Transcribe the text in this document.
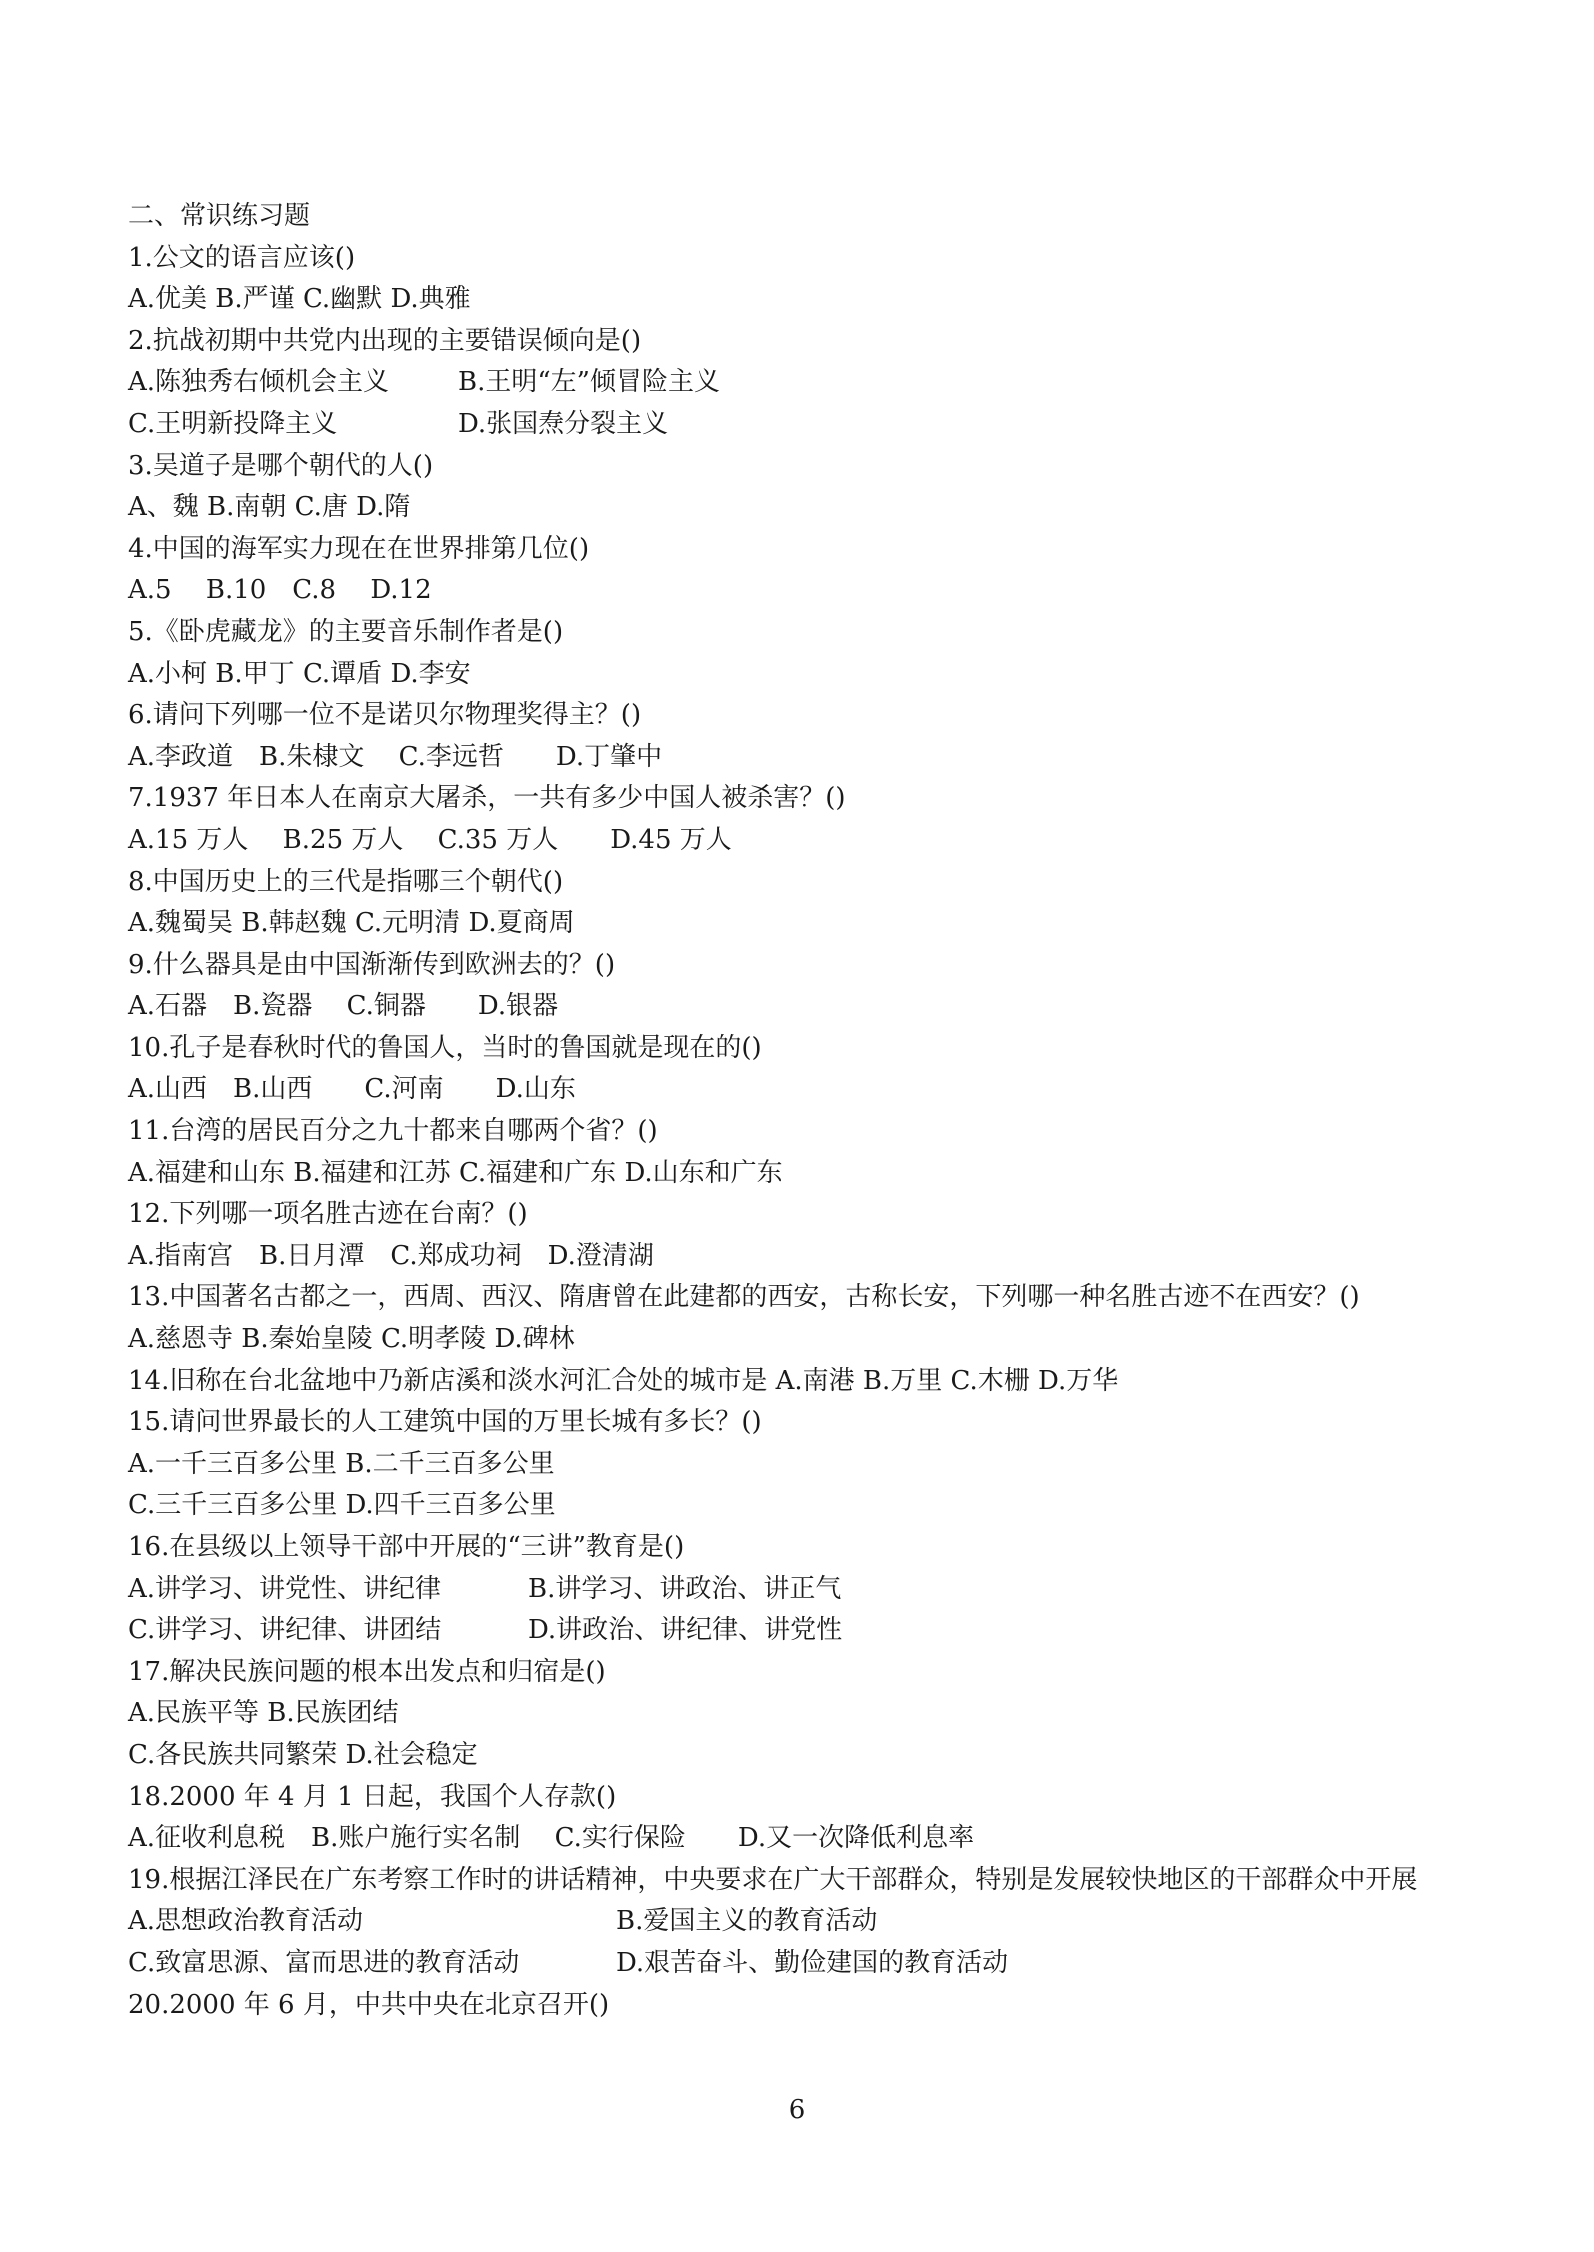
二、常识练习题
1.公文的语言应该()
A.优美 B.严谨 C.幽默 D.典雅
2.抗战初期中共党内出现的主要错误倾向是()
A.陈独秀右倾机会主义	B.王明“左”倾冒险主义
C.王明新投降主义	D.张国焘分裂主义
3.吴道子是哪个朝代的人()
A、魏 B.南朝 C.唐 D.隋
4.中国的海军实力现在在世界排第几位()
A.5　 B.10　C.8　 D.12
5.《卧虎藏龙》的主要音乐制作者是()
A.小柯 B.甲丁 C.谭盾 D.李安
6.请问下列哪一位不是诺贝尔物理奖得主？()
A.李政道　B.朱棣文　 C.李远哲　　D.丁肇中
7.1937 年日本人在南京大屠杀，一共有多少中国人被杀害？()
A.15 万人　 B.25 万人　 C.35 万人　　D.45 万人
8.中国历史上的三代是指哪三个朝代()
A.魏蜀吴 B.韩赵魏 C.元明清 D.夏商周
9.什么器具是由中国渐渐传到欧洲去的？()
A.石器　B.瓷器　 C.铜器　　D.银器
10.孔子是春秋时代的鲁国人，当时的鲁国就是现在的()
A.山西　B.山西　　C.河南　　D.山东
11.台湾的居民百分之九十都来自哪两个省？()
A.福建和山东 B.福建和江苏 C.福建和广东 D.山东和广东
12.下列哪一项名胜古迹在台南？()
A.指南宫　B.日月潭　C.郑成功祠　D.澄清湖
13.中国著名古都之一，西周、西汉、隋唐曾在此建都的西安，古称长安，下列哪一种名胜古迹不在西安？()
A.慈恩寺 B.秦始皇陵 C.明孝陵 D.碑林
14.旧称在台北盆地中乃新店溪和淡水河汇合处的城市是 A.南港 B.万里 C.木栅 D.万华
15.请问世界最长的人工建筑中国的万里长城有多长？()
A.一千三百多公里 B.二千三百多公里
C.三千三百多公里 D.四千三百多公里
16.在县级以上领导干部中开展的“三讲”教育是()
A.讲学习、讲党性、讲纪律	B.讲学习、讲政治、讲正气
C.讲学习、讲纪律、讲团结	D.讲政治、讲纪律、讲党性
17.解决民族问题的根本出发点和归宿是()
A.民族平等 B.民族团结
C.各民族共同繁荣 D.社会稳定
18.2000 年 4 月 1 日起，我国个人存款()
A.征收利息税　B.账户施行实名制　 C.实行保险　　D.又一次降低利息率
19.根据江泽民在广东考察工作时的讲话精神，中央要求在广大干部群众，特别是发展较快地区的干部群众中开展
A.思想政治教育活动	B.爱国主义的教育活动
C.致富思源、富而思进的教育活动	D.艰苦奋斗、勤俭建国的教育活动
20.2000 年 6 月，中共中央在北京召开()
6
